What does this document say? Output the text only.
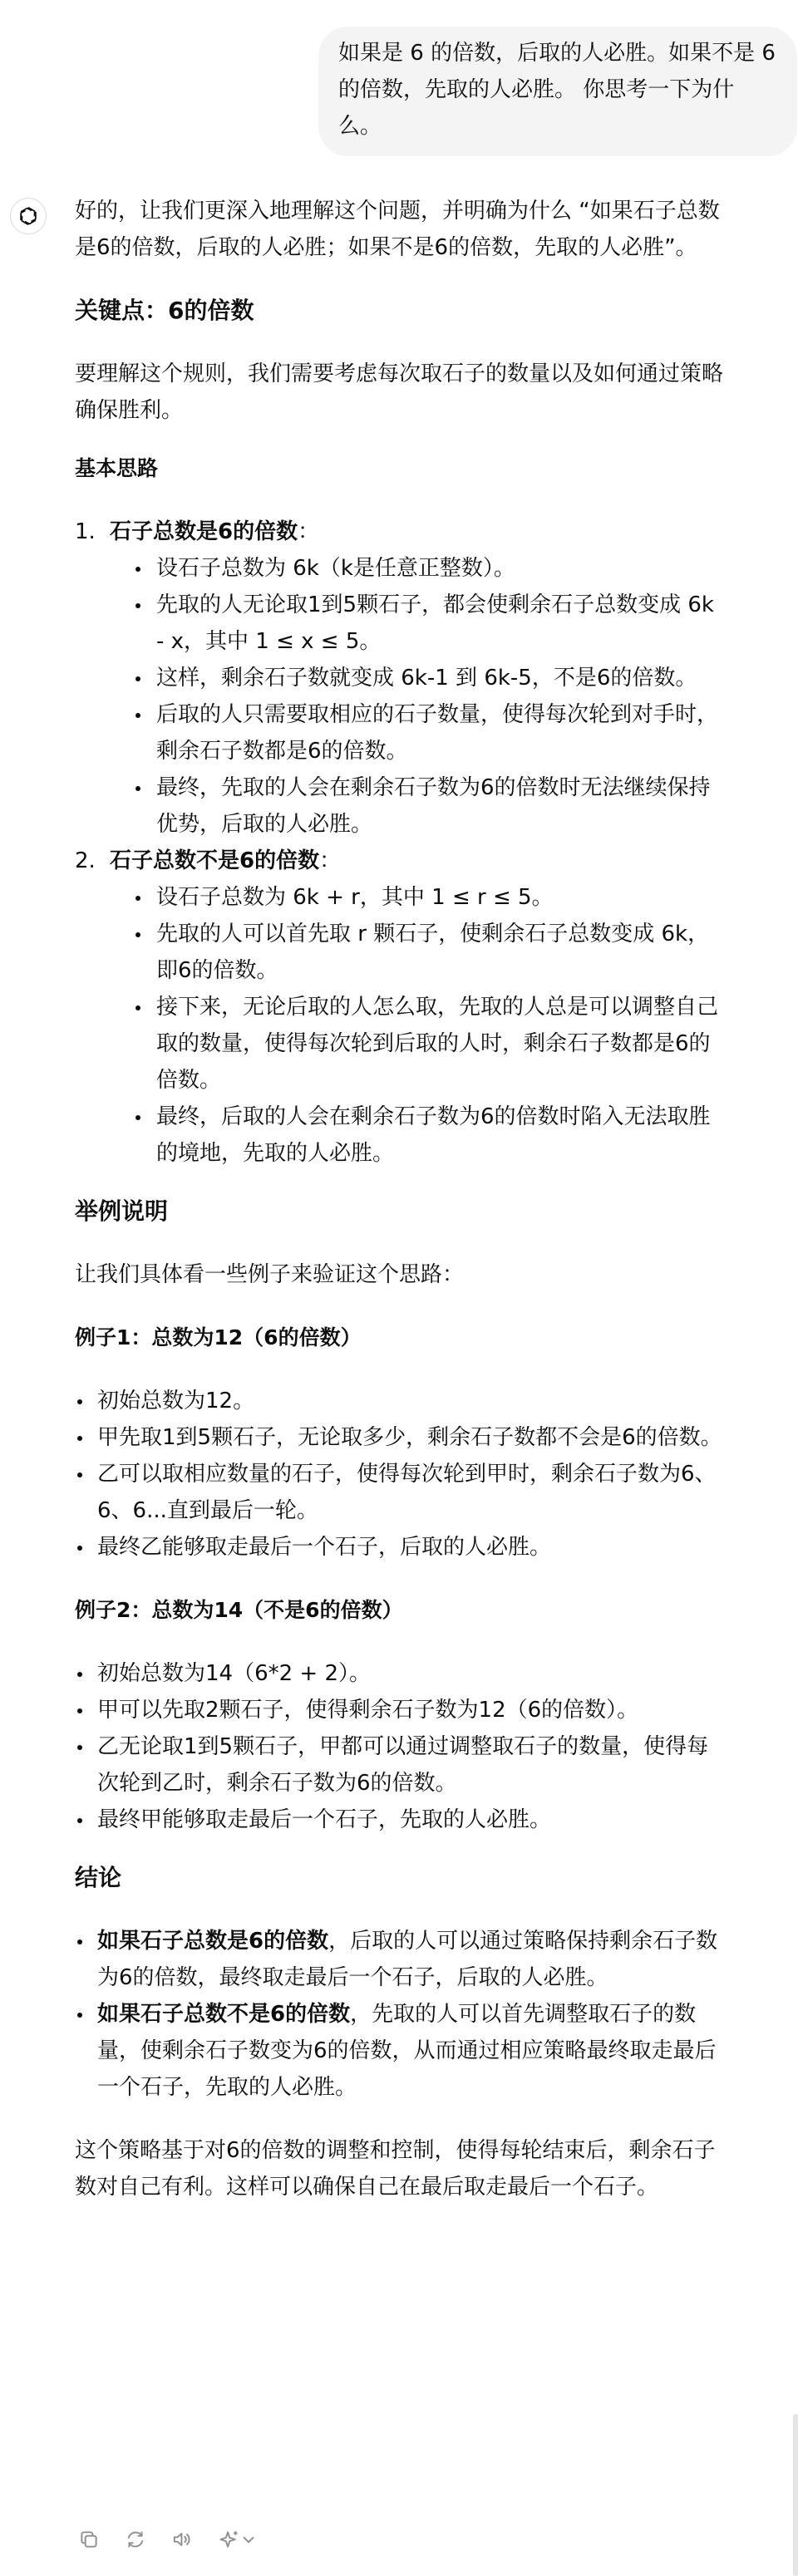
如果是 6 的倍数，后取的人必胜。如果不是 6 的倍数，先取的人必胜。 你思考一下为什么。

好的，让我们更深入地理解这个问题，并明确为什么 “如果石子总数是6的倍数，后取的人必胜；如果不是6的倍数，先取的人必胜”。

关键点：6的倍数

要理解这个规则，我们需要考虑每次取石子的数量以及如何通过策略确保胜利。

基本思路

1. 石子总数是6的倍数：
设石子总数为 6k（k是任意正整数）。
先取的人无论取1到5颗石子，都会使剩余石子总数变成 6k - x，其中 1 ≤ x ≤ 5。
这样，剩余石子数就变成 6k-1 到 6k-5，不是6的倍数。
后取的人只需要取相应的石子数量，使得每次轮到对手时，剩余石子数都是6的倍数。
最终，先取的人会在剩余石子数为6的倍数时无法继续保持优势，后取的人必胜。
2. 石子总数不是6的倍数：
设石子总数为 6k + r，其中 1 ≤ r ≤ 5。
先取的人可以首先取 r 颗石子，使剩余石子总数变成 6k，即6的倍数。
接下来，无论后取的人怎么取，先取的人总是可以调整自己取的数量，使得每次轮到后取的人时，剩余石子数都是6的倍数。
最终，后取的人会在剩余石子数为6的倍数时陷入无法取胜的境地，先取的人必胜。

举例说明

让我们具体看一些例子来验证这个思路：

例子1：总数为12（6的倍数）

初始总数为12。
甲先取1到5颗石子，无论取多少，剩余石子数都不会是6的倍数。
乙可以取相应数量的石子，使得每次轮到甲时，剩余石子数为6、6、6...直到最后一轮。
最终乙能够取走最后一个石子，后取的人必胜。

例子2：总数为14（不是6的倍数）

初始总数为14（6*2 + 2）。
甲可以先取2颗石子，使得剩余石子数为12（6的倍数）。
乙无论取1到5颗石子，甲都可以通过调整取石子的数量，使得每次轮到乙时，剩余石子数为6的倍数。
最终甲能够取走最后一个石子，先取的人必胜。

结论

如果石子总数是6的倍数，后取的人可以通过策略保持剩余石子数为6的倍数，最终取走最后一个石子，后取的人必胜。
如果石子总数不是6的倍数，先取的人可以首先调整取石子的数量，使剩余石子数变为6的倍数，从而通过相应策略最终取走最后一个石子，先取的人必胜。

这个策略基于对6的倍数的调整和控制，使得每轮结束后，剩余石子数对自己有利。这样可以确保自己在最后取走最后一个石子。
